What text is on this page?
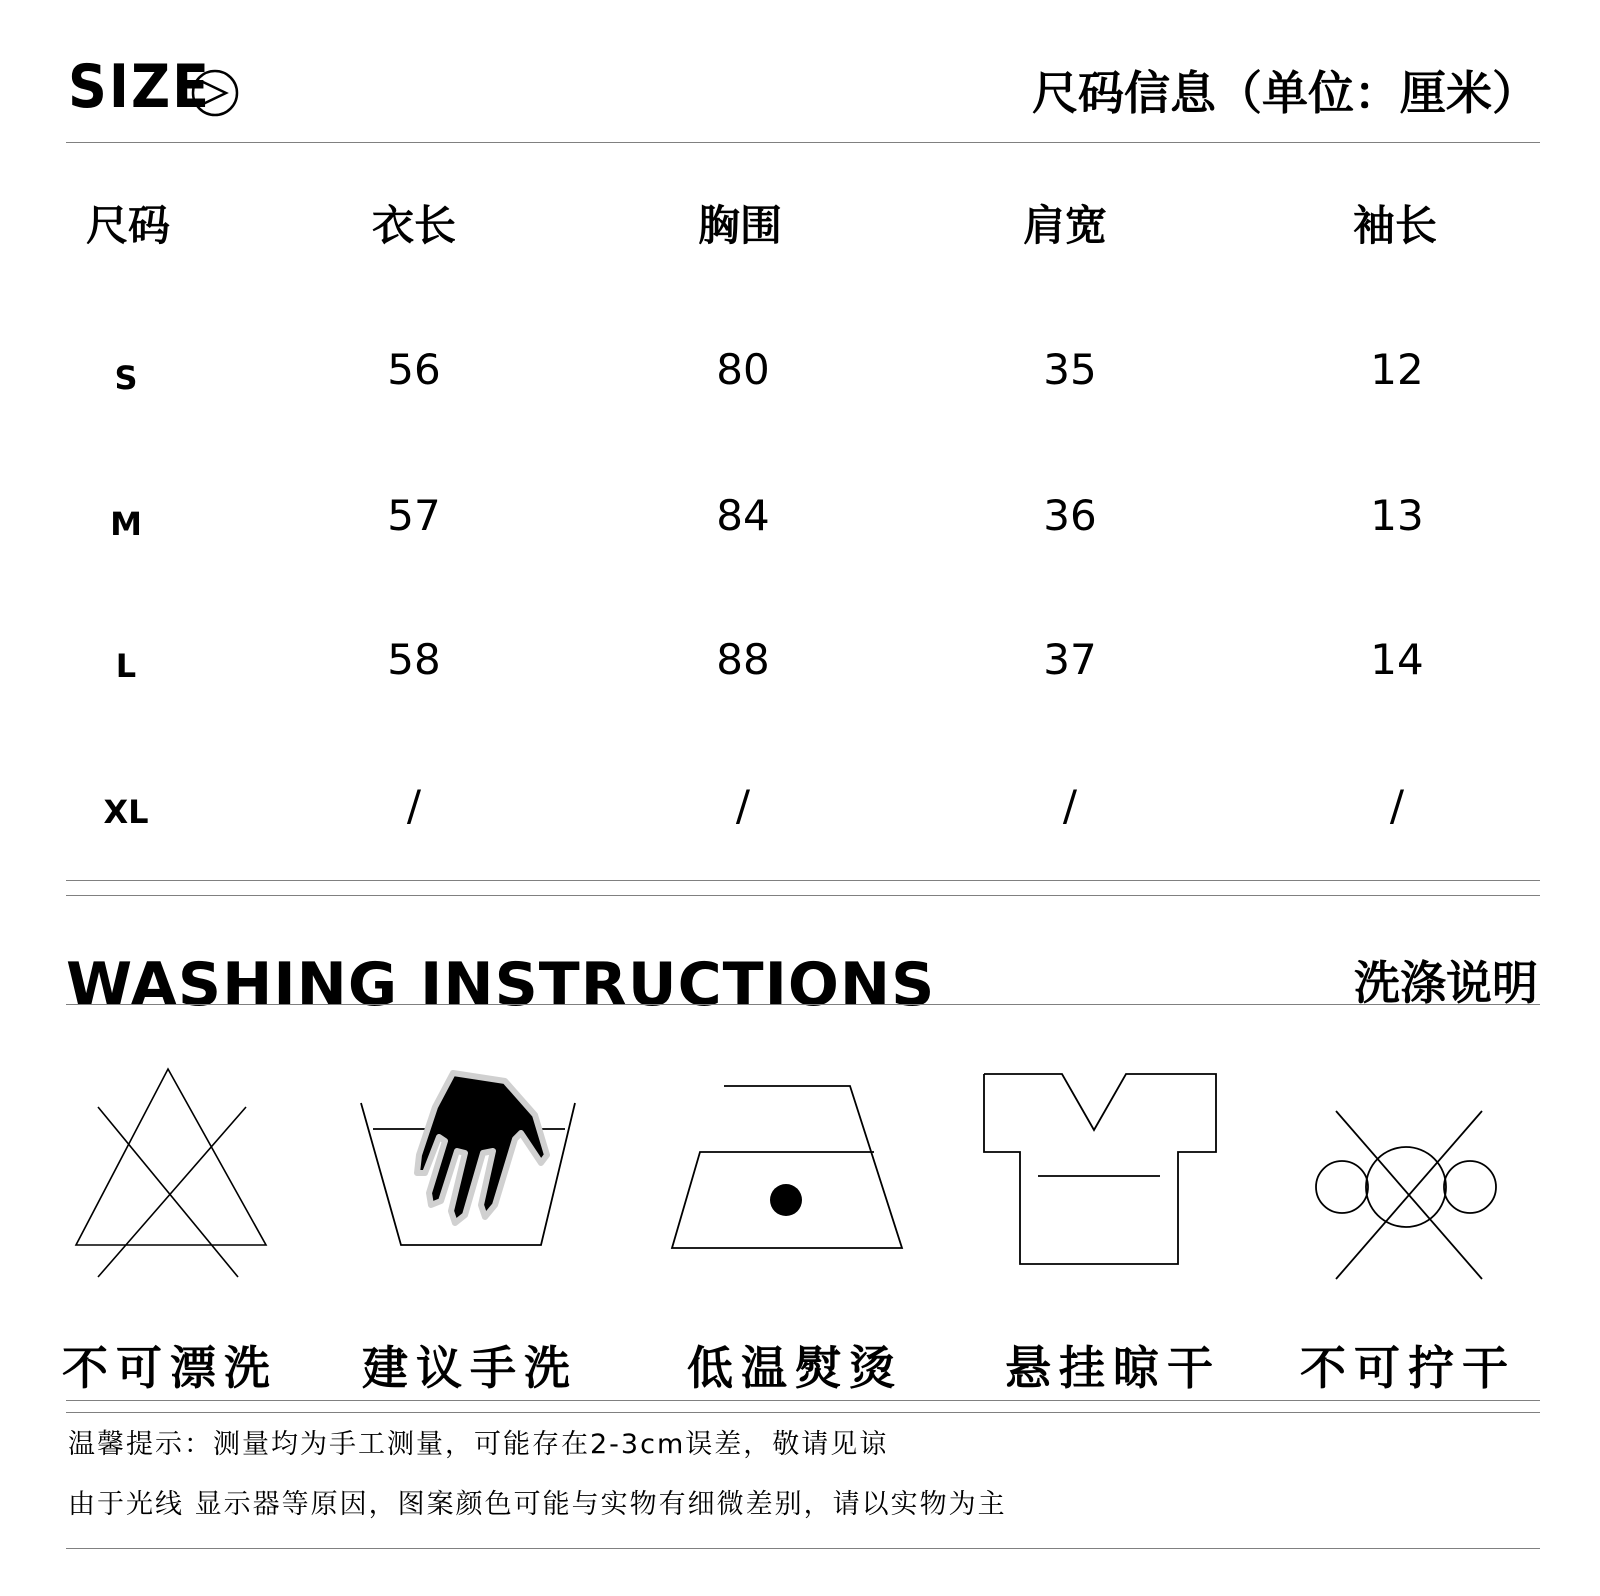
SIZE	尺码信息（单位：厘米）
尺码	衣长	胸围	肩宽	袖长
S	56	80	35	12
M	57	84	36	13
L	58	88	37	14
XL	/	/	/	/
WASHING INSTRUCTIONS	洗涤说明
不可漂洗	建议手洗	低温熨烫	悬挂晾干	不可拧干
温馨提示：测量均为手工测量，可能存在2-3cm误差，敬请见谅
由于光线 显示器等原因，图案颜色可能与实物有细微差别，请以实物为主
